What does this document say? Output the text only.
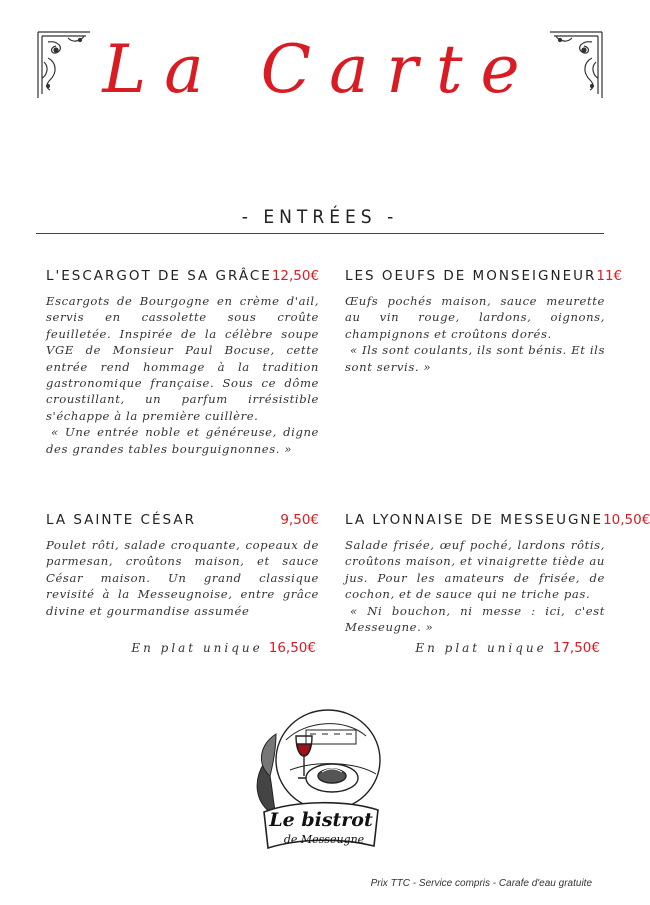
La Carte
- ENTRÉES -
L'ESCARGOT DE SA GRÂCE 12,50€
Escargots de Bourgogne en crème d'ail, servis en cassolette sous croûte feuilletée. Inspirée de la célèbre soupe VGE de Monsieur Paul Bocuse, cette entrée rend hommage à la tradition gastronomique française. Sous ce dôme croustillant, un parfum irrésistible s'échappe à la première cuillère.
« Une entrée noble et généreuse, digne des grandes tables bourguignonnes. »
LES OEUFS DE MONSEIGNEUR 11€
Œufs pochés maison, sauce meurette au vin rouge, lardons, oignons, champignons et croûtons dorés.
« Ils sont coulants, ils sont bénis. Et ils sont servis. »
LA SAINTE CÉSAR	9,50€
Poulet rôti, salade croquante, copeaux de parmesan, croûtons maison, et sauce César maison. Un grand classique revisité à la Messeugnoise, entre grâce divine et gourmandise assumée
En plat unique 16,50€
LA LYONNAISE DE MESSEUGNE 10,50€
Salade frisée, œuf poché, lardons rôtis, croûtons maison, et vinaigrette tiède au jus. Pour les amateurs de frisée, de cochon, et de sauce qui ne triche pas.
« Ni bouchon, ni messe : ici, c'est Messeugne. »
En plat unique 17,50€
Le bistrot
de Messeugne
Prix TTC - Service compris - Carafe d'eau gratuite
